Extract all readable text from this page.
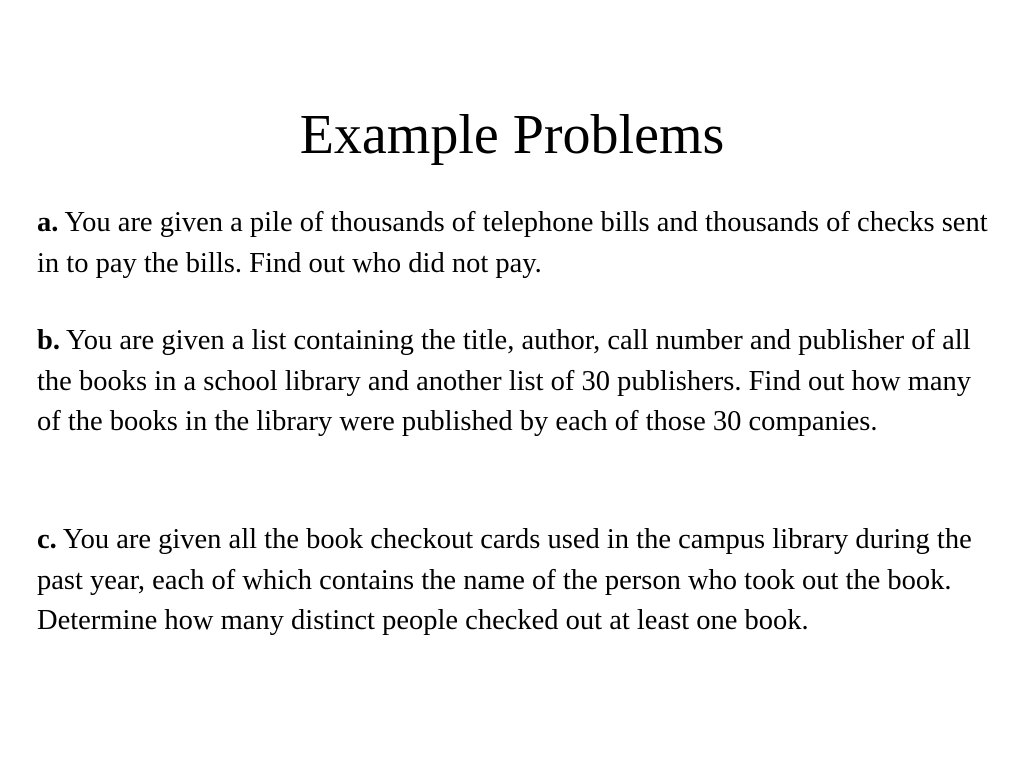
Example Problems

a. You are given a pile of thousands of telephone bills and thousands of checks sent in to pay the bills. Find out who did not pay.

b. You are given a list containing the title, author, call number and publisher of all the books in a school library and another list of 30 publishers. Find out how many of the books in the library were published by each of those 30 companies.

c. You are given all the book checkout cards used in the campus library during the past year, each of which contains the name of the person who took out the book. Determine how many distinct people checked out at least one book.
